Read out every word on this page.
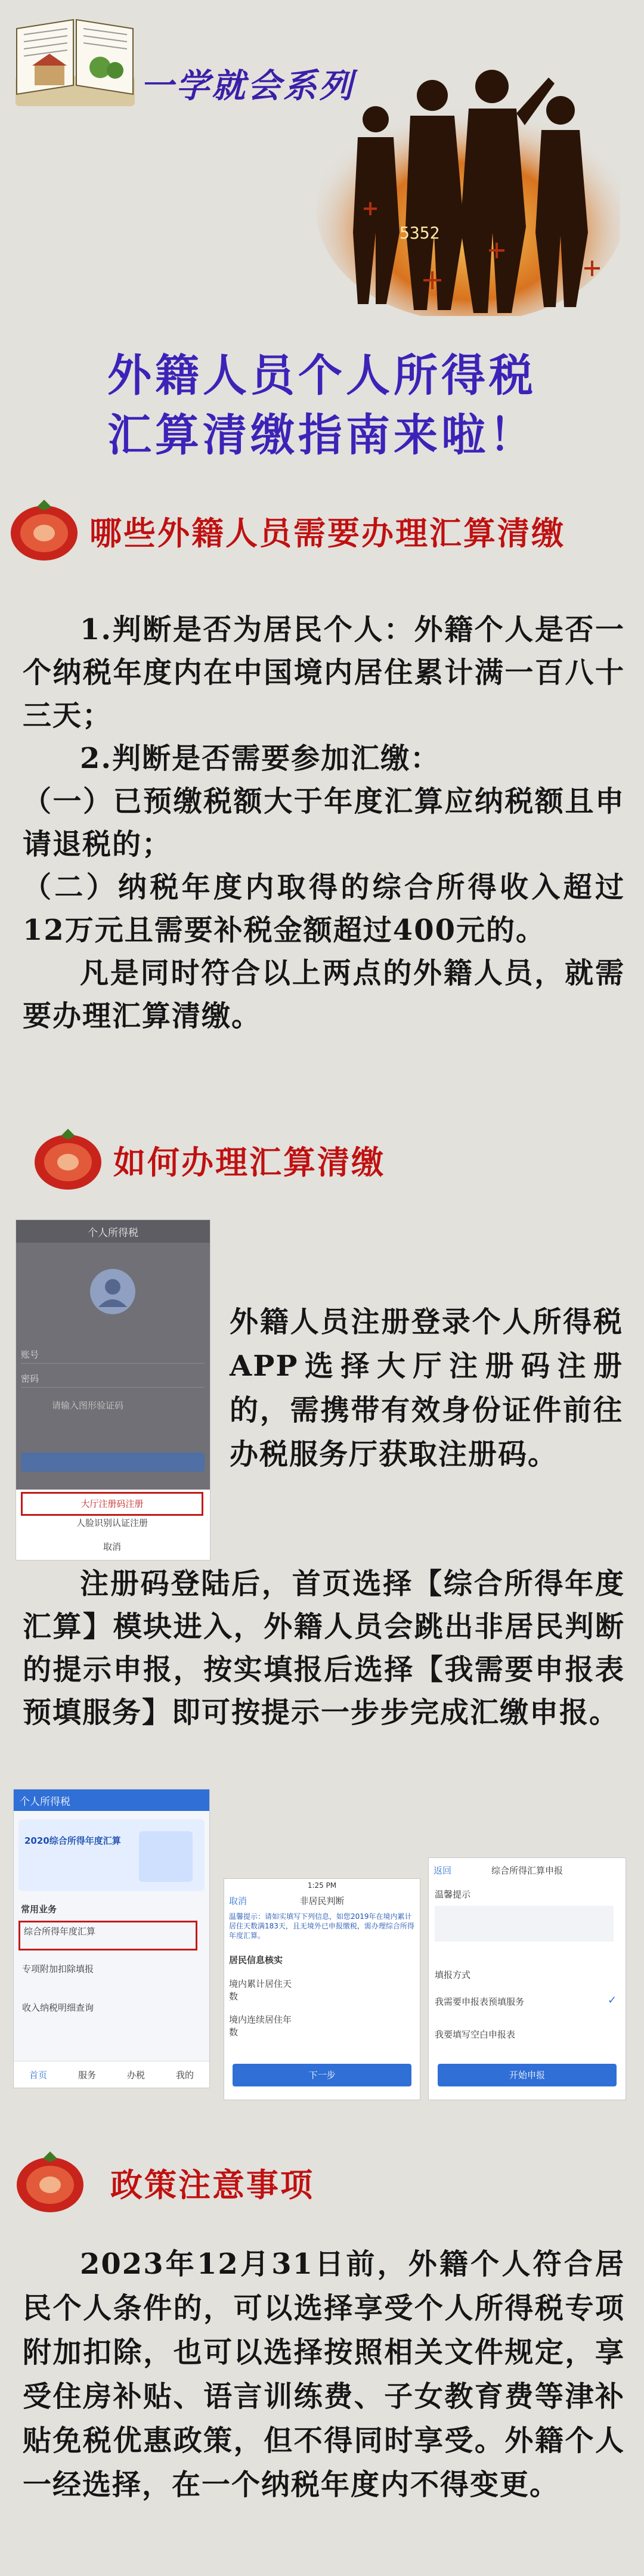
一学就会系列
5352
外籍人员个人所得税
汇算清缴指南来啦！
哪些外籍人员需要办理汇算清缴

1.判断是否为居民个人：外籍个人是否一个纳税年度内在中国境内居住累计满一百八十三天；

2.判断是否需要参加汇缴：

（一）已预缴税额大于年度汇算应纳税额且申请退税的；

（二）纳税年度内取得的综合所得收入超过12万元且需要补税金额超过400元的。

凡是同时符合以上两点的外籍人员，就需要办理汇算清缴。

如何办理汇算清缴
个人所得税
账号
密码
请输入图形验证码
大厅注册码注册
人脸识别认证注册
取消
外籍人员注册登录个人所得税APP选择大厅注册码注册的，需携带有效身份证件前往办税服务厅获取注册码。

注册码登陆后，首页选择【综合所得年度汇算】模块进入，外籍人员会跳出非居民判断的提示申报，按实填报后选择【我需要申报表预填服务】即可按提示一步步完成汇缴申报。

个人所得税
2020综合所得年度汇算
常用业务
综合所得年度汇算
专项附加扣除填报
收入纳税明细查询
首页	服务	办税	我的
1:25 PM
取消	非居民判断
温馨提示：请如实填写下列信息，如您2019年在境内累计居住天数满183天，且无境外已申报缴税，需办理综合所得年度汇算。
居民信息核实
境内累计居住天数
境内连续居住年数
下一步
返回	综合所得汇算申报
温馨提示
填报方式
我需要申报表预填服务	✓
我要填写空白申报表
开始申报
政策注意事项

2023年12月31日前，外籍个人符合居民个人条件的，可以选择享受个人所得税专项附加扣除，也可以选择按照相关文件规定，享受住房补贴、语言训练费、子女教育费等津补贴免税优惠政策，但不得同时享受。外籍个人一经选择，在一个纳税年度内不得变更。
